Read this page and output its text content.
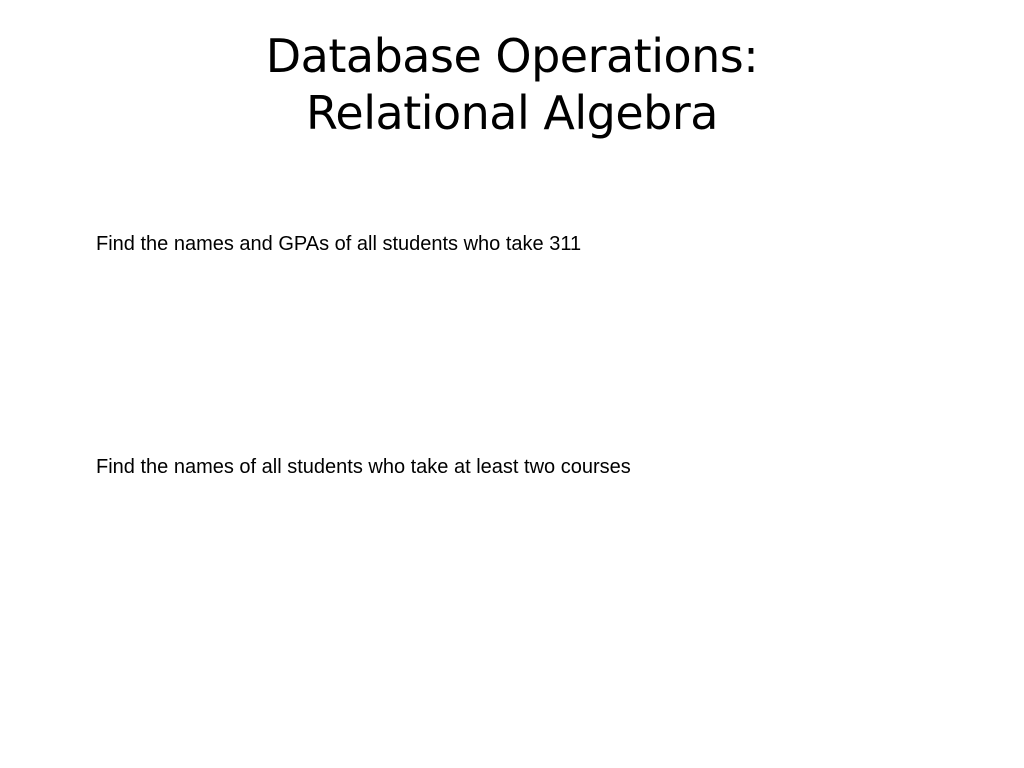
Database Operations:
Relational Algebra

Find the names and GPAs of all students who take 311

Find the names of all students who take at least two courses
